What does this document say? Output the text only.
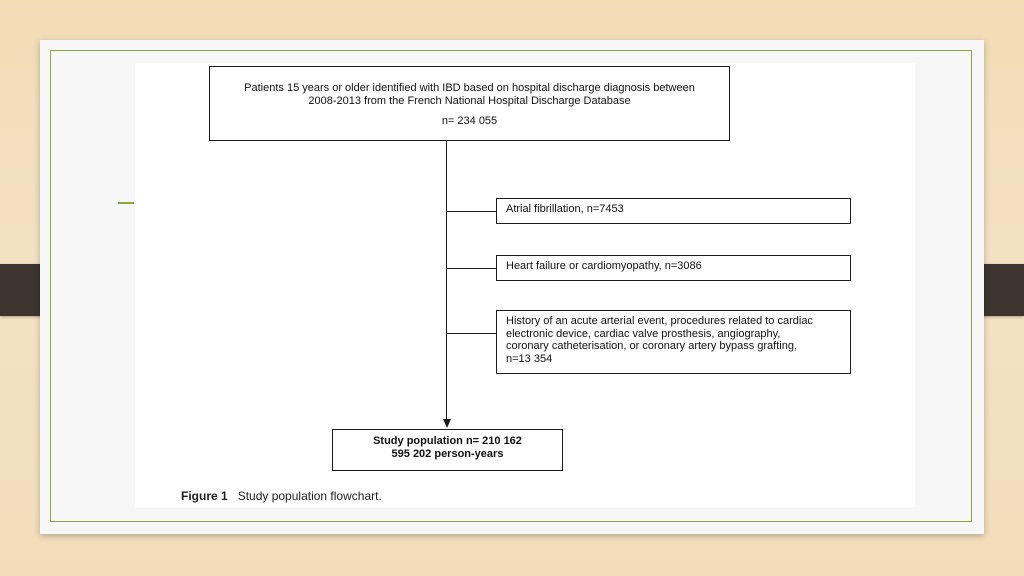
Patients 15 years or older identified with IBD based on hospital discharge diagnosis between
2008-2013 from the French National Hospital Discharge Database
n= 234 055
Atrial fibrillation, n=7453
Heart failure or cardiomyopathy, n=3086
History of an acute arterial event, procedures related to cardiac
electronic device, cardiac valve prosthesis, angiography,
coronary catheterisation, or coronary artery bypass grafting,
n=13 354
Study population n= 210 162
595 202 person-years
Figure 1 Study population flowchart.
